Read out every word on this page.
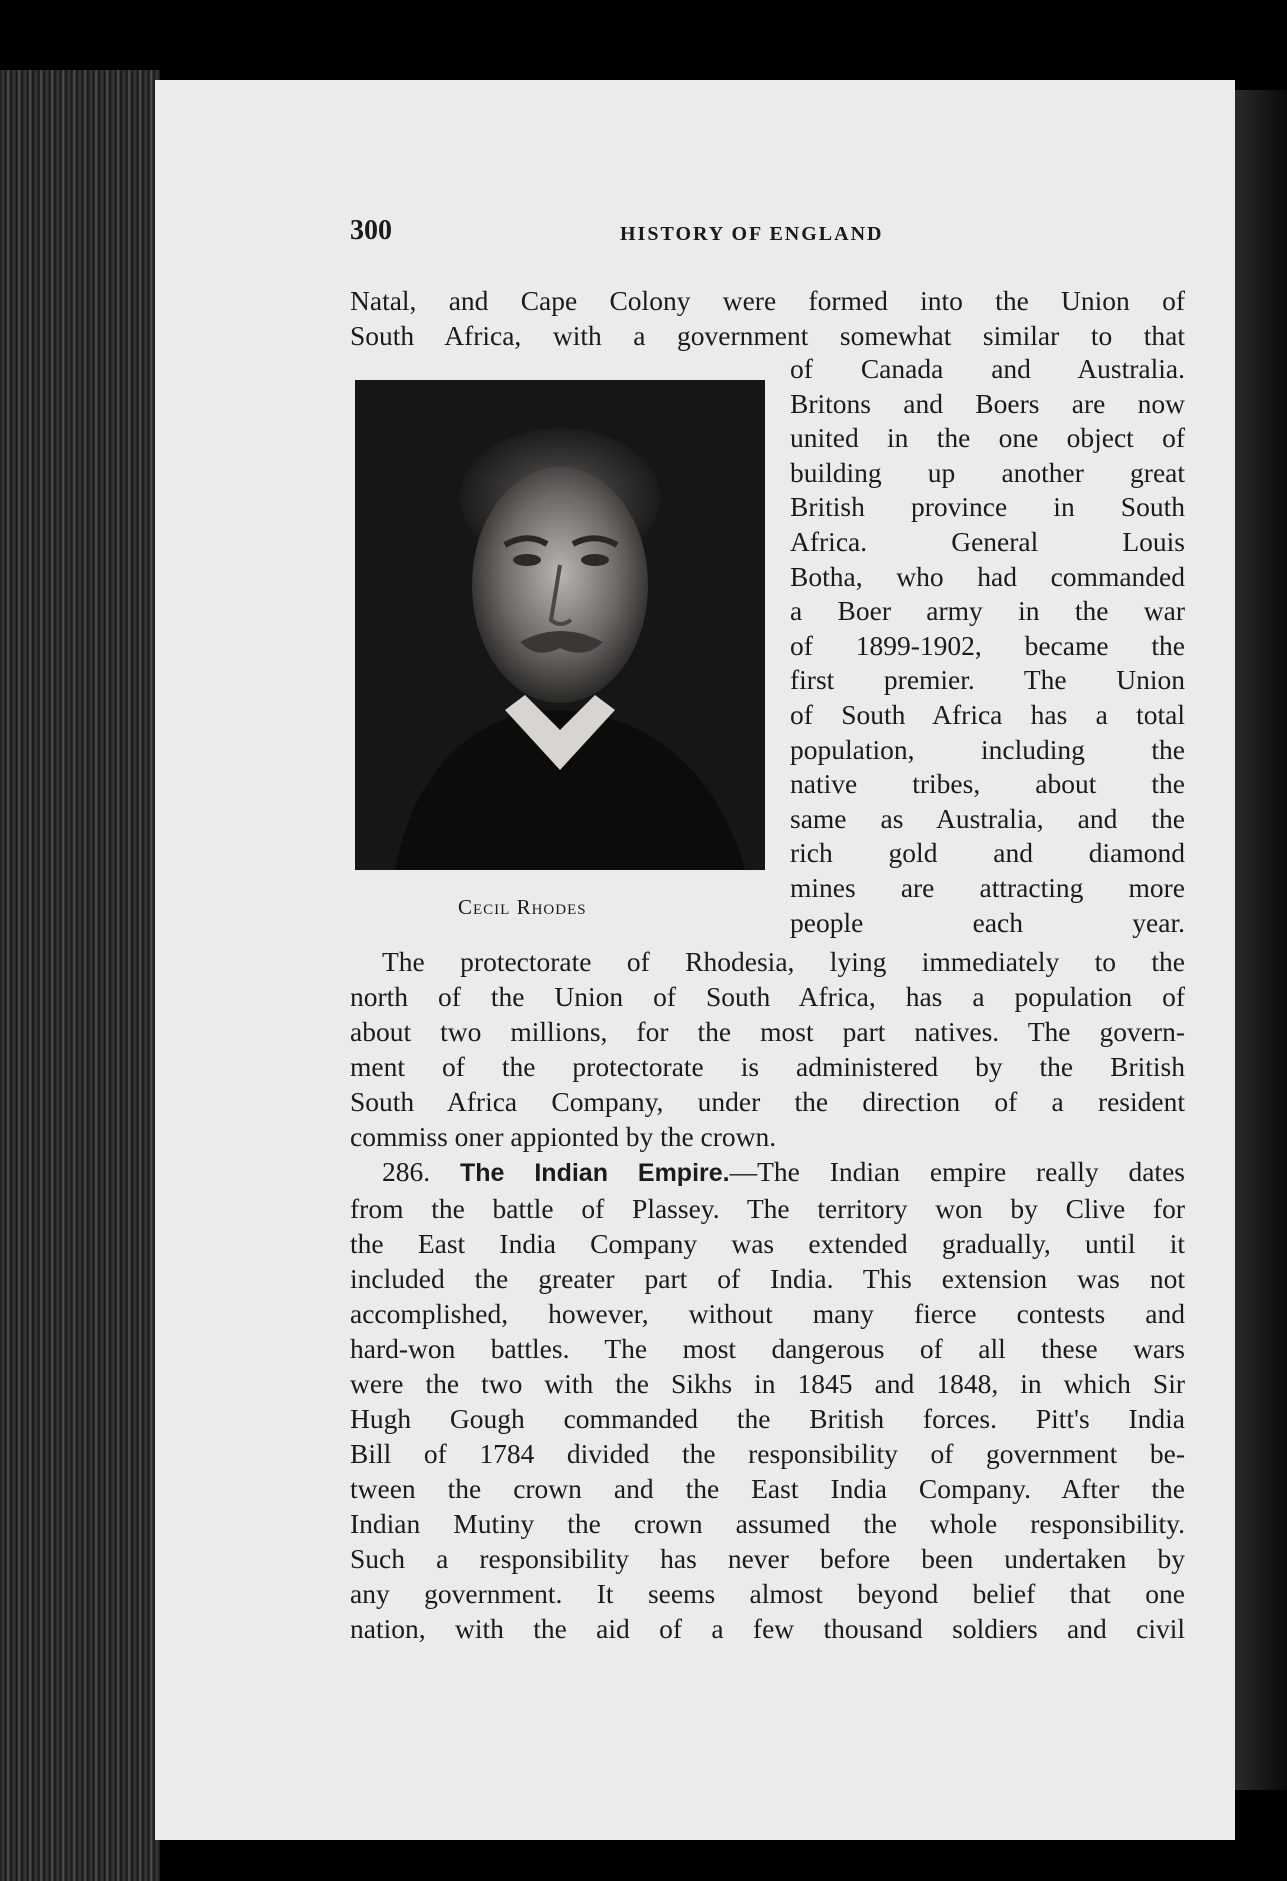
300	HISTORY OF ENGLAND
Natal, and Cape Colony were formed into the Union of
South Africa, with a government somewhat similar to that
Cecil Rhodes
of Canada and Australia.
Britons and Boers are now
united in the one object of
building up another great
British province in South
Africa. General Louis
Botha, who had commanded
a Boer army in the war
of 1899-1902, became the
first premier. The Union
of South Africa has a total
population, including the
native tribes, about the
same as Australia, and the
rich gold and diamond
mines are attracting more
people each year.
The protectorate of Rhodesia, lying immediately to the
north of the Union of South Africa, has a population of
about two millions, for the most part natives. The govern-
ment of the protectorate is administered by the British
South Africa Company, under the direction of a resident
commiss oner appionted by the crown.
286. The Indian Empire.—The Indian empire really dates
from the battle of Plassey. The territory won by Clive for
the East India Company was extended gradually, until it
included the greater part of India. This extension was not
accomplished, however, without many fierce contests and
hard-won battles. The most dangerous of all these wars
were the two with the Sikhs in 1845 and 1848, in which Sir
Hugh Gough commanded the British forces. Pitt's India
Bill of 1784 divided the responsibility of government be-
tween the crown and the East India Company. After the
Indian Mutiny the crown assumed the whole responsibility.
Such a responsibility has never before been undertaken by
any government. It seems almost beyond belief that one
nation, with the aid of a few thousand soldiers and civil
